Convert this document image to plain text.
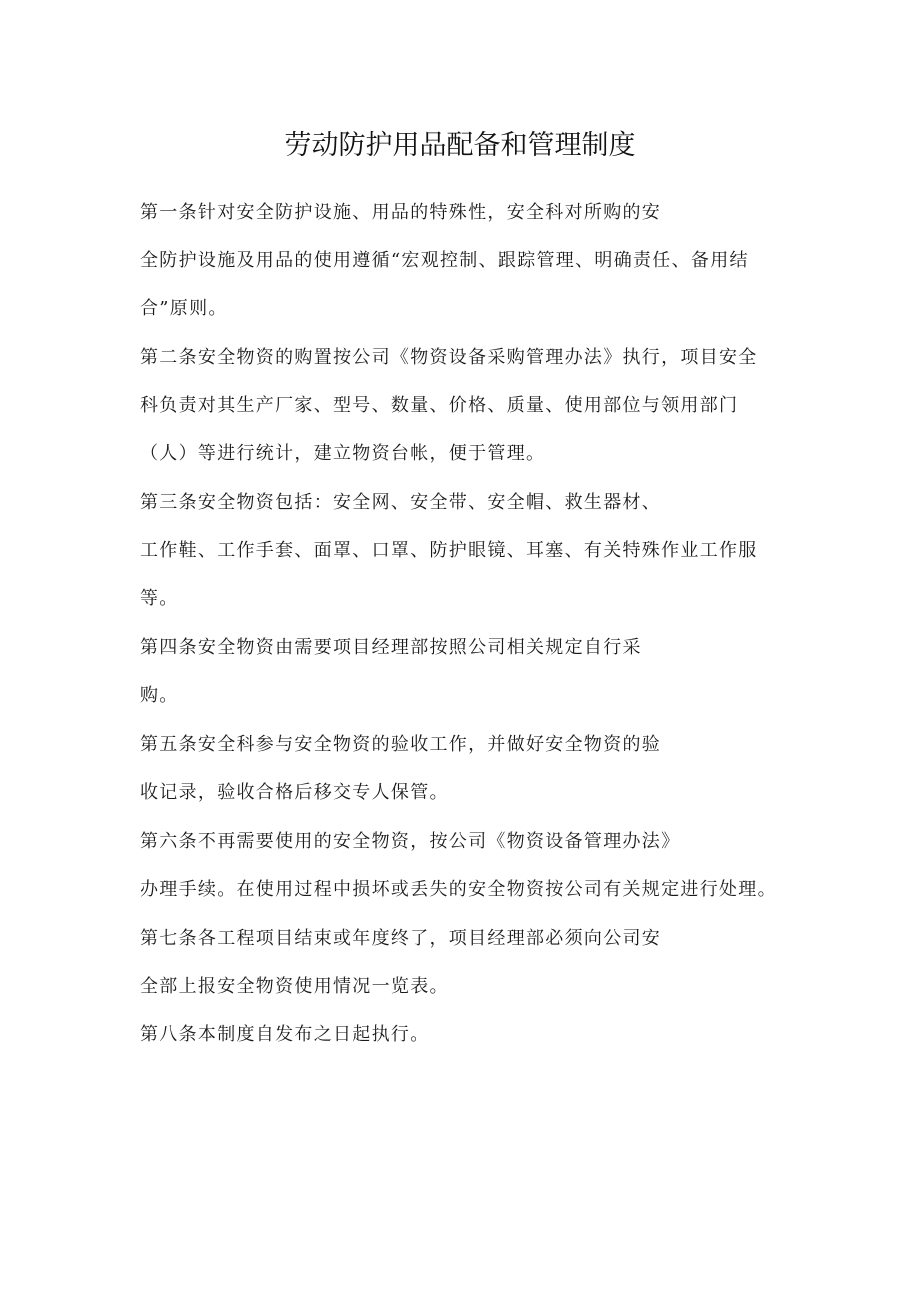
劳动防护用品配备和管理制度
第一条针对安全防护设施、用品的特殊性，安全科对所购的安
全防护设施及用品的使用遵循“宏观控制、跟踪管理、明确责任、备用结
合”原则。
第二条安全物资的购置按公司《物资设备采购管理办法》执行，项目安全
科负责对其生产厂家、型号、数量、价格、质量、使用部位与领用部门
（人）等进行统计，建立物资台帐，便于管理。
第三条安全物资包括：安全网、安全带、安全帽、救生器材、
工作鞋、工作手套、面罩、口罩、防护眼镜、耳塞、有关特殊作业工作服
等。
第四条安全物资由需要项目经理部按照公司相关规定自行采
购。
第五条安全科参与安全物资的验收工作，并做好安全物资的验
收记录，验收合格后移交专人保管。
第六条不再需要使用的安全物资，按公司《物资设备管理办法》
办理手续。在使用过程中损坏或丢失的安全物资按公司有关规定进行处理。
第七条各工程项目结束或年度终了，项目经理部必须向公司安
全部上报安全物资使用情况一览表。
第八条本制度自发布之日起执行。
